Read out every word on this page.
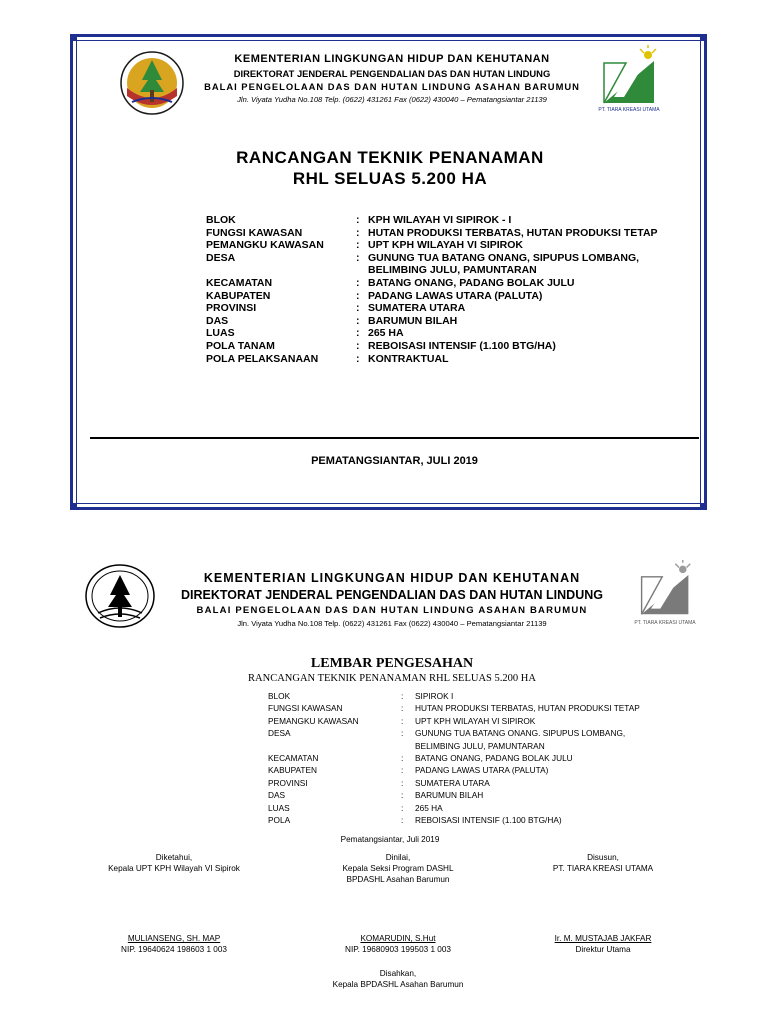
KEMENTERIAN LINGKUNGAN HIDUP DAN KEHUTANAN
DIREKTORAT JENDERAL PENGENDALIAN DAS DAN HUTAN LINDUNG
BALAI PENGELOLAAN DAS DAN HUTAN LINDUNG ASAHAN BARUMUN
Jln. Viyata Yudha No.108 Telp. (0622) 431261 Fax (0622) 430040 – Pematangsiantar 21139
PT. TIARA KREASI UTAMA
RANCANGAN TEKNIK PENANAMAN
RHL SELUAS 5.200 HA
BLOK	:	KPH WILAYAH VI SIPIROK - I
FUNGSI KAWASAN	:	HUTAN PRODUKSI TERBATAS, HUTAN PRODUKSI TETAP
PEMANGKU KAWASAN	:	UPT KPH WILAYAH VI SIPIROK
DESA	:	GUNUNG TUA BATANG ONANG, SIPUPUS LOMBANG,
		BELIMBING JULU, PAMUNTARAN
KECAMATAN	:	BATANG ONANG, PADANG BOLAK JULU
KABUPATEN	:	PADANG LAWAS UTARA (PALUTA)
PROVINSI	:	SUMATERA UTARA
DAS	:	BARUMUN BILAH
LUAS	:	265 HA
POLA TANAM	:	REBOISASI INTENSIF (1.100 BTG/HA)
POLA PELAKSANAAN	:	KONTRAKTUAL
PEMATANGSIANTAR, JULI 2019
KEMENTERIAN LINGKUNGAN HIDUP DAN KEHUTANAN
DIREKTORAT JENDERAL PENGENDALIAN DAS DAN HUTAN LINDUNG
BALAI PENGELOLAAN DAS DAN HUTAN LINDUNG ASAHAN BARUMUN
Jln. Viyata Yudha No.108 Telp. (0622) 431261 Fax (0622) 430040 – Pematangsiantar 21139	PT. TIARA KREASI UTAMA
LEMBAR PENGESAHAN
RANCANGAN TEKNIK PENANAMAN RHL SELUAS 5.200 HA
BLOK	:	SIPIROK I
FUNGSI KAWASAN	:	HUTAN PRODUKSI TERBATAS, HUTAN PRODUKSI TETAP
PEMANGKU KAWASAN	:	UPT KPH WILAYAH VI SIPIROK
DESA	:	GUNUNG TUA BATANG ONANG. SIPUPUS LOMBANG,
		BELIMBING JULU, PAMUNTARAN
KECAMATAN	:	BATANG ONANG, PADANG BOLAK JULU
KABUPATEN	:	PADANG LAWAS UTARA (PALUTA)
PROVINSI	:	SUMATERA UTARA
DAS	:	BARUMUN BILAH
LUAS	:	265 HA
POLA	:	REBOISASI INTENSIF (1.100 BTG/HA)
Pematangsiantar, Juli 2019
Diketahui,
Kepala UPT KPH Wilayah VI Sipirok
Dinilai,
Kepala Seksi Program DASHL
BPDASHL Asahan Barumun
Disusun,
PT. TIARA KREASI UTAMA
MULIANSENG, SH. MAP
NIP. 19640624 198603 1 003
KOMARUDIN, S.Hut
NIP. 19680903 199503 1 003
Ir. M. MUSTAJAB JAKFAR
Direktur Utama
Disahkan,
Kepala BPDASHL Asahan Barumun
